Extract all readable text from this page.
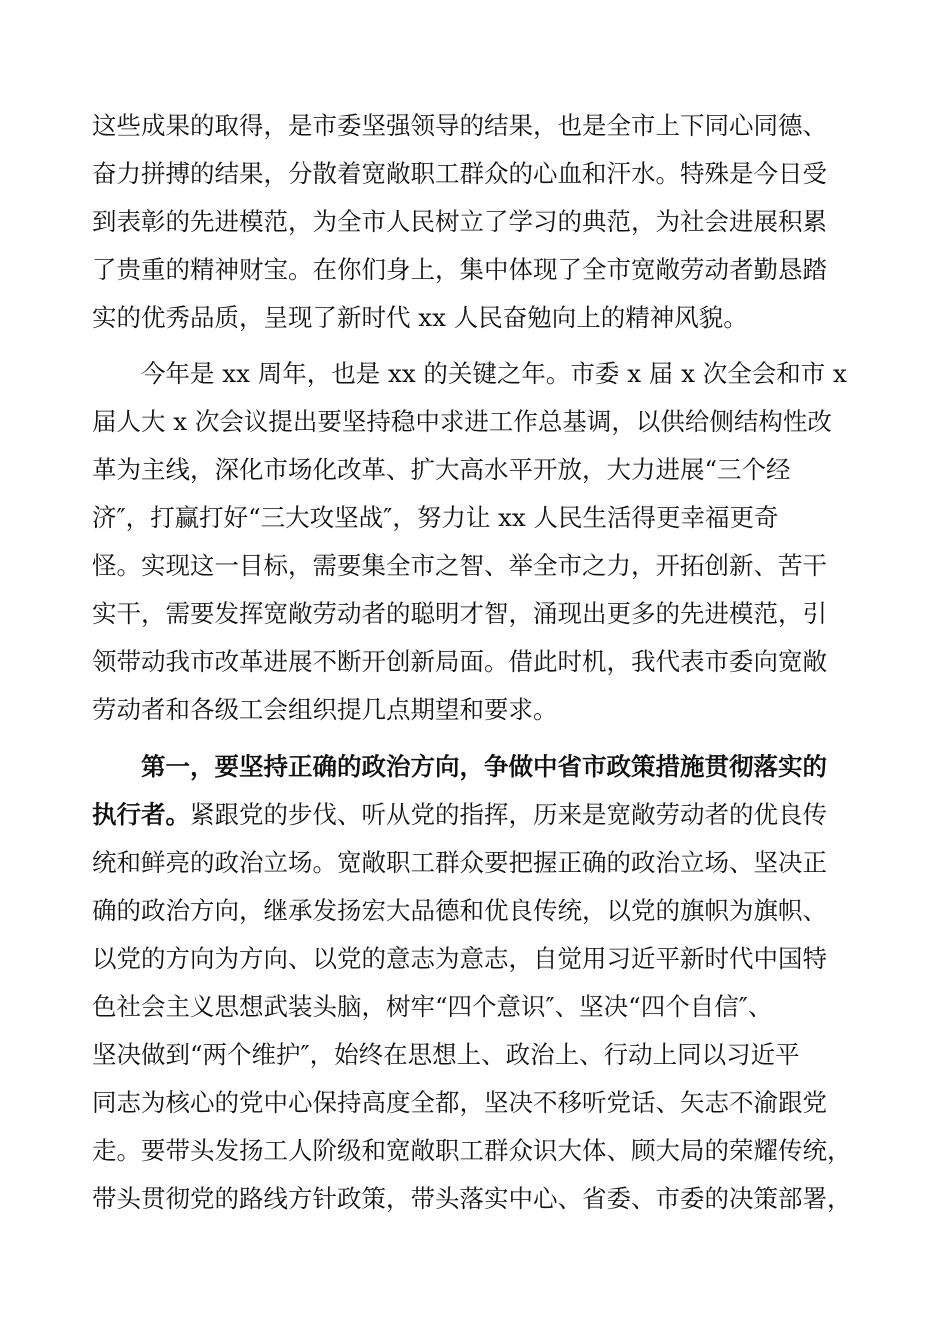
这些成果的取得，是市委坚强领导的结果，也是全市上下同心同德、
奋力拼搏的结果，分散着宽敞职工群众的心血和汗水。特殊是今日受
到表彰的先进模范，为全市人民树立了学习的典范，为社会进展积累
了贵重的精神财宝。在你们身上，集中体现了全市宽敞劳动者勤恳踏
实的优秀品质，呈现了新时代 xx 人民奋勉向上的精神风貌。
今年是 xx 周年，也是 xx 的关键之年。市委 x 届 x 次全会和市 x
届人大 x 次会议提出要坚持稳中求进工作总基调，以供给侧结构性改
革为主线，深化市场化改革、扩大高水平开放，大力进展“三个经
济″，打赢打好“三大攻坚战″，努力让 xx 人民生活得更幸福更奇
怪。实现这一目标，需要集全市之智、举全市之力，开拓创新、苦干
实干，需要发挥宽敞劳动者的聪明才智，涌现出更多的先进模范，引
领带动我市改革进展不断开创新局面。借此时机，我代表市委向宽敞
劳动者和各级工会组织提几点期望和要求。
第一，要坚持正确的政治方向，争做中省市政策措施贯彻落实的
执行者。紧跟党的步伐、听从党的指挥，历来是宽敞劳动者的优良传
统和鲜亮的政治立场。宽敞职工群众要把握正确的政治立场、坚决正
确的政治方向，继承发扬宏大品德和优良传统，以党的旗帜为旗帜、
以党的方向为方向、以党的意志为意志，自觉用习近平新时代中国特
色社会主义思想武装头脑，树牢“四个意识″、坚决“四个自信″、
坚决做到“两个维护″，始终在思想上、政治上、行动上同以习近平
同志为核心的党中心保持高度全都，坚决不移听党话、矢志不渝跟党
走。要带头发扬工人阶级和宽敞职工群众识大体、顾大局的荣耀传统，
带头贯彻党的路线方针政策，带头落实中心、省委、市委的决策部署，
